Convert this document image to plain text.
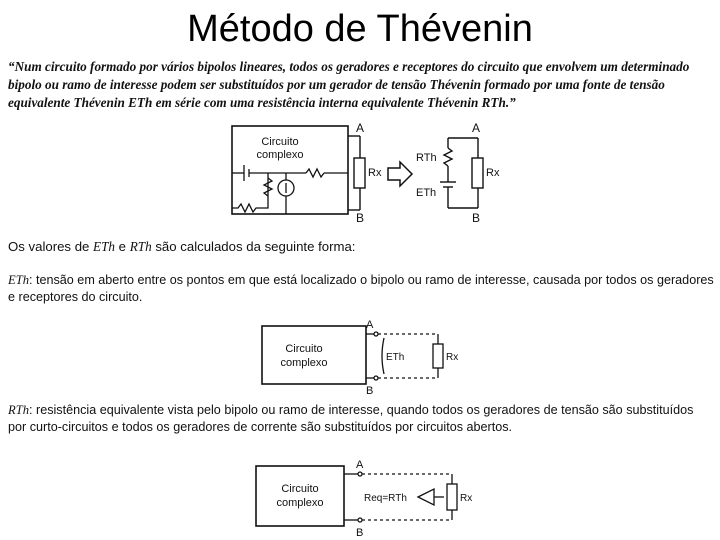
Método de Thévenin
“Num circuito formado por vários bipolos lineares, todos os geradores e receptores do circuito que envolvem um determinado bipolo ou ramo de interesse podem ser substituídos por um gerador de tensão Thévenin formado por uma fonte de tensão equivalente Thévenin ETh em série com uma resistência interna equivalente Thévenin RTh.”
Circuito
complexo
A
B
Rx
A
B
RTh
ETh
Rx
Os valores de ETh e RTh são calculados da seguinte forma:
ETh: tensão em aberto entre os pontos em que está localizado o bipolo ou ramo de interesse, causada por todos os geradores e receptores do circuito.
Circuito
complexo
A
B
ETh	Rx
RTh: resistência equivalente vista pelo bipolo ou ramo de interesse, quando todos os geradores de tensão são substituídos por curto-circuitos e todos os geradores de corrente são substituídos por circuitos abertos.
Circuito
complexo
A
B
Req=RTh	Rx
